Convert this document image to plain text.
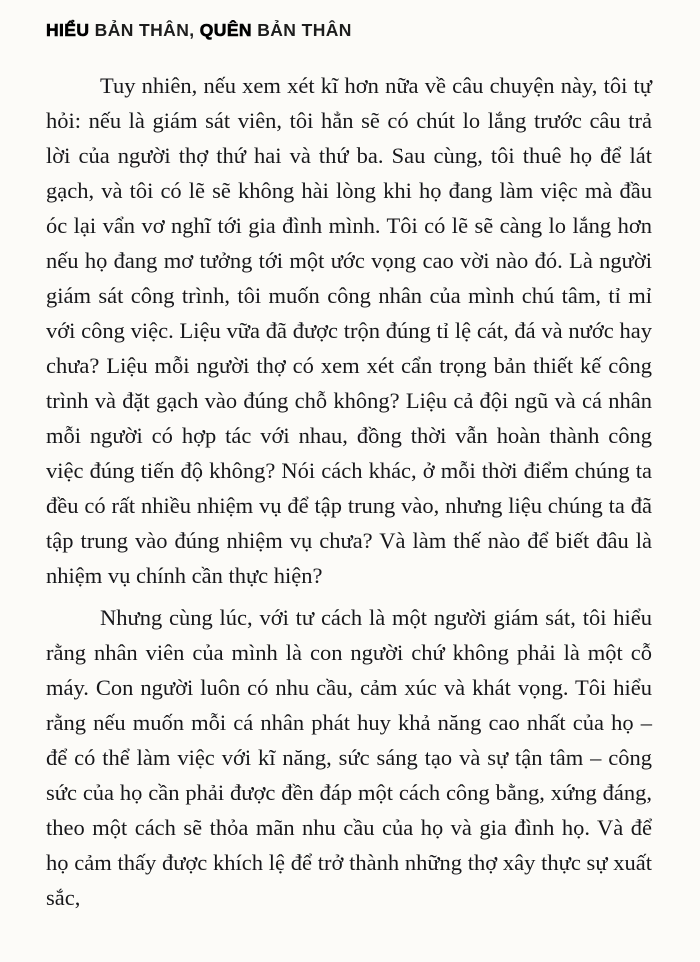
HIỂU BẢN THÂN, QUÊN BẢN THÂN

Tuy nhiên, nếu xem xét kĩ hơn nữa về câu chuyện này, tôi tự hỏi: nếu là giám sát viên, tôi hẳn sẽ có chút lo lắng trước câu trả lời của người thợ thứ hai và thứ ba. Sau cùng, tôi thuê họ để lát gạch, và tôi có lẽ sẽ không hài lòng khi họ đang làm việc mà đầu óc lại vẩn vơ nghĩ tới gia đình mình. Tôi có lẽ sẽ càng lo lắng hơn nếu họ đang mơ tưởng tới một ước vọng cao vời nào đó. Là người giám sát công trình, tôi muốn công nhân của mình chú tâm, tỉ mỉ với công việc. Liệu vữa đã được trộn đúng tỉ lệ cát, đá và nước hay chưa? Liệu mỗi người thợ có xem xét cẩn trọng bản thiết kế công trình và đặt gạch vào đúng chỗ không? Liệu cả đội ngũ và cá nhân mỗi người có hợp tác với nhau, đồng thời vẫn hoàn thành công việc đúng tiến độ không? Nói cách khác, ở mỗi thời điểm chúng ta đều có rất nhiều nhiệm vụ để tập trung vào, nhưng liệu chúng ta đã tập trung vào đúng nhiệm vụ chưa? Và làm thế nào để biết đâu là nhiệm vụ chính cần thực hiện?

Nhưng cùng lúc, với tư cách là một người giám sát, tôi hiểu rằng nhân viên của mình là con người chứ không phải là một cỗ máy. Con người luôn có nhu cầu, cảm xúc và khát vọng. Tôi hiểu rằng nếu muốn mỗi cá nhân phát huy khả năng cao nhất của họ – để có thể làm việc với kĩ năng, sức sáng tạo và sự tận tâm – công sức của họ cần phải được đền đáp một cách công bằng, xứng đáng, theo một cách sẽ thỏa mãn nhu cầu của họ và gia đình họ. Và để họ cảm thấy được khích lệ để trở thành những thợ xây thực sự xuất sắc,
